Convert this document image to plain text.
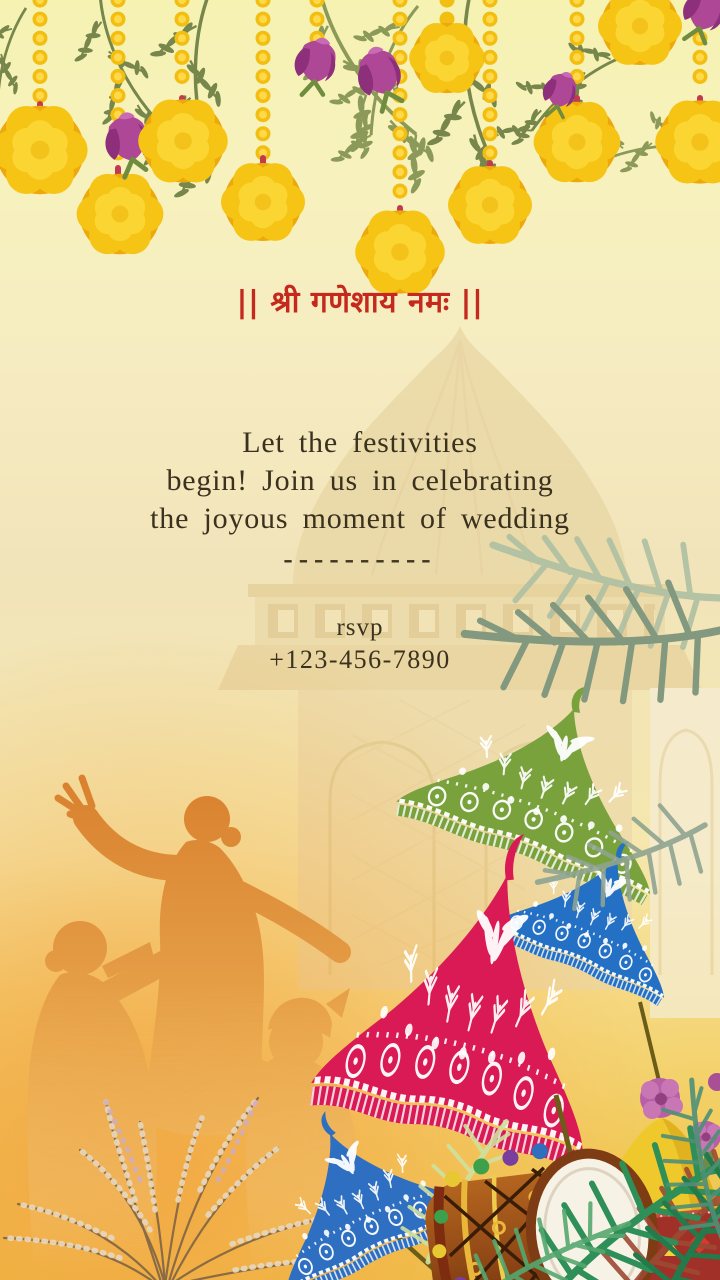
|| श्री गणेशाय नमः ||
Let the festivities
begin! Join us in celebrating
the joyous moment of wedding
----------
rsvp
+123-456-7890
